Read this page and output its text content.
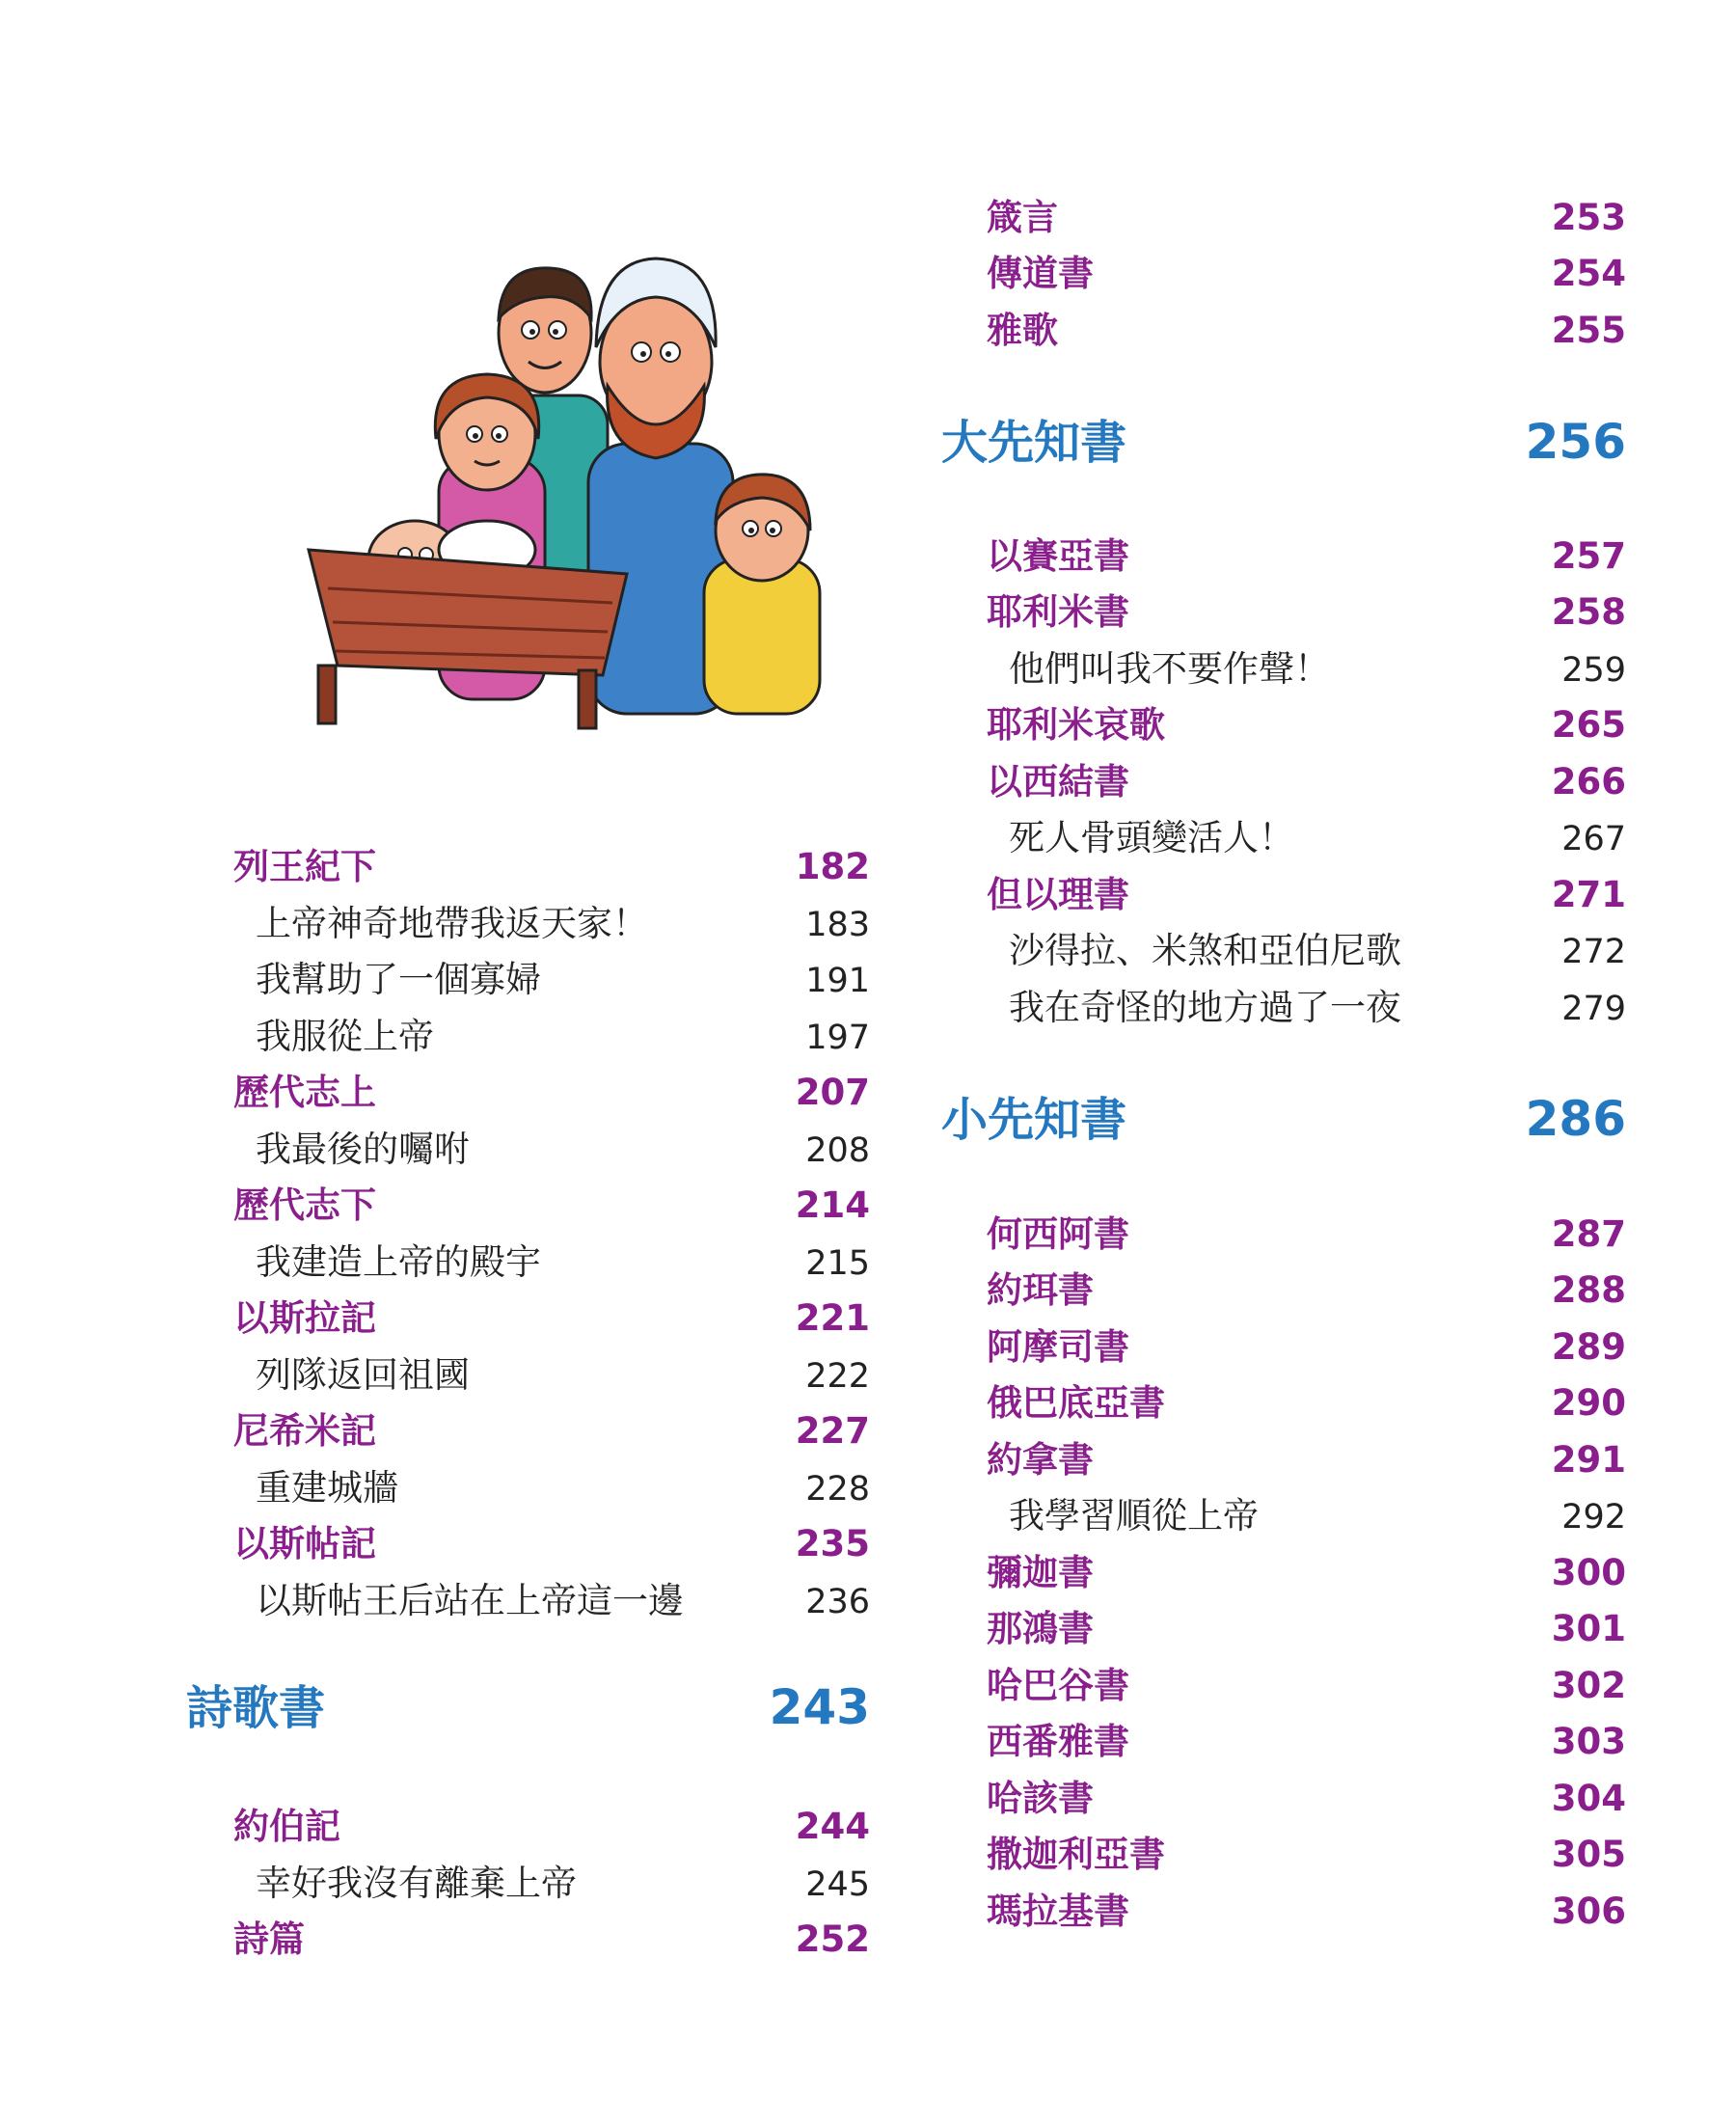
列王紀下	182
上帝神奇地帶我返天家！	183
我幫助了一個寡婦	191
我服從上帝	197
歷代志上	207
我最後的囑咐	208
歷代志下	214
我建造上帝的殿宇	215
以斯拉記	221
列隊返回祖國	222
尼希米記	227
重建城牆	228
以斯帖記	235
以斯帖王后站在上帝這一邊	236
詩歌書	243
約伯記	244
幸好我沒有離棄上帝	245
詩篇	252
箴言	253
傳道書	254
雅歌	255
大先知書	256
以賽亞書	257
耶利米書	258
他們叫我不要作聲！	259
耶利米哀歌	265
以西結書	266
死人骨頭變活人！	267
但以理書	271
沙得拉、米煞和亞伯尼歌	272
我在奇怪的地方過了一夜	279
小先知書	286
何西阿書	287
約珥書	288
阿摩司書	289
俄巴底亞書	290
約拿書	291
我學習順從上帝	292
彌迦書	300
那鴻書	301
哈巴谷書	302
西番雅書	303
哈該書	304
撒迦利亞書	305
瑪拉基書	306
